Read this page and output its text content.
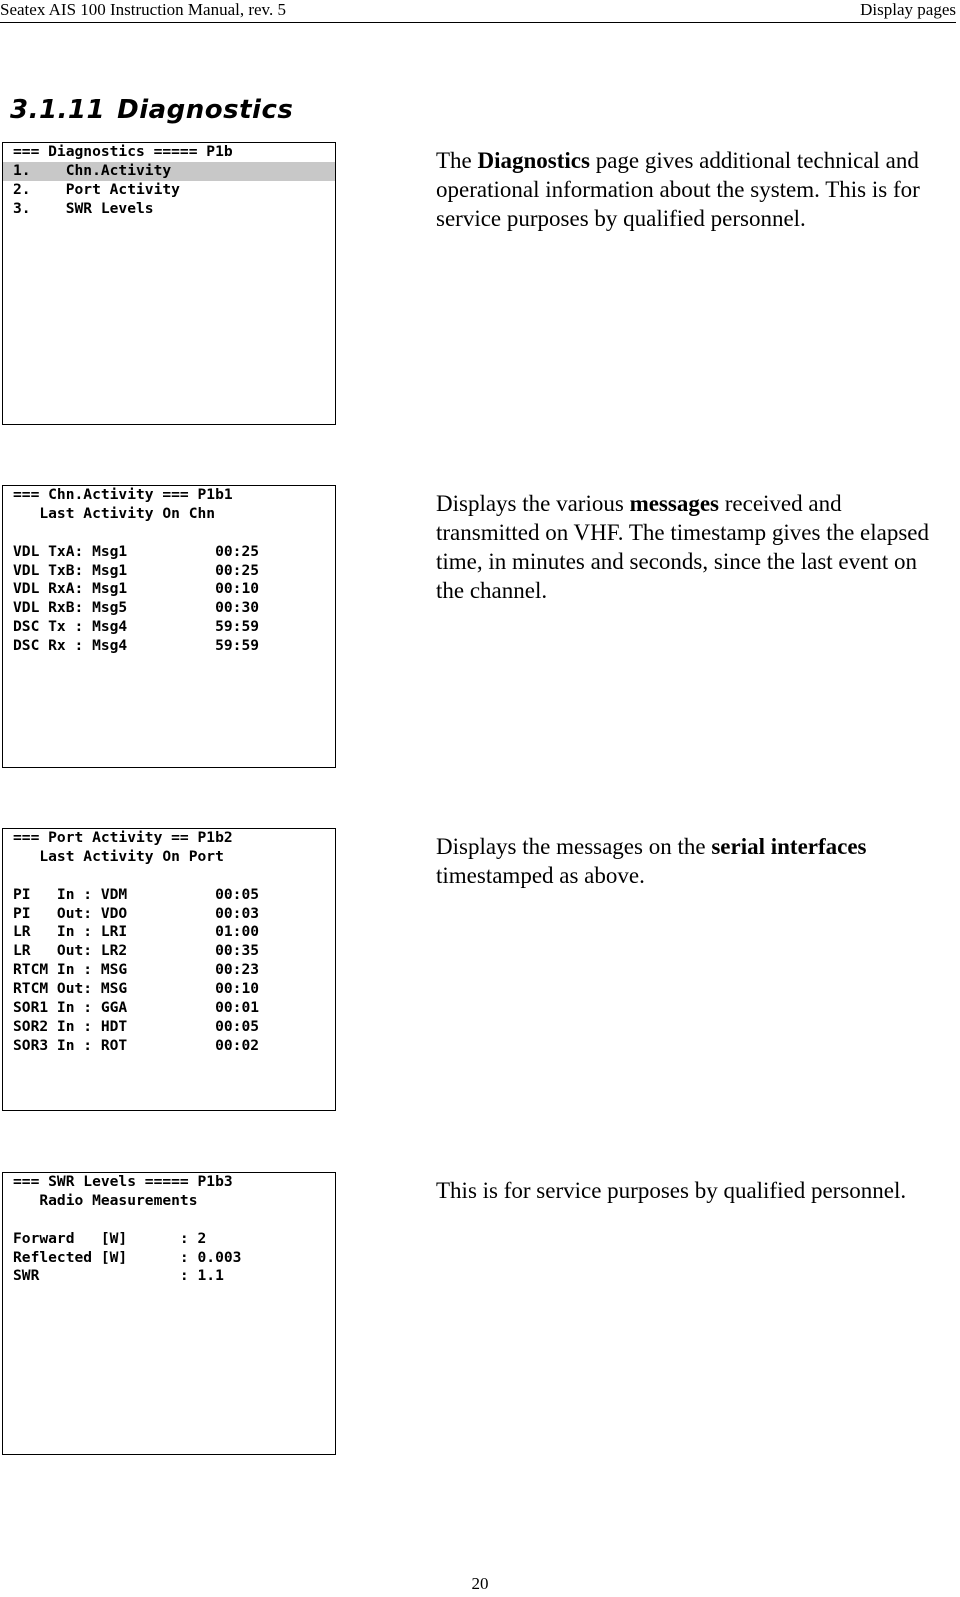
Seatex AIS 100 Instruction Manual, rev. 5	Display pages
3.1.11 Diagnostics
=== Diagnostics ===== P1b
1.    Chn.Activity
2.    Port Activity
3.    SWR Levels
The Diagnostics page gives additional technical and operational information about the system. This is for service purposes by qualified personnel.
=== Chn.Activity === P1b1
Last Activity On Chn
VDL TxA: Msg1          00:25
VDL TxB: Msg1          00:25
VDL RxA: Msg1          00:10
VDL RxB: Msg5          00:30
DSC Tx : Msg4          59:59
DSC Rx : Msg4          59:59
Displays the various messages received and transmitted on VHF. The timestamp gives the elapsed time, in minutes and seconds, since the last event on the channel.
=== Port Activity == P1b2
Last Activity On Port
PI   In : VDM          00:05
PI   Out: VDO          00:03
LR   In : LRI          01:00
LR   Out: LR2          00:35
RTCM In : MSG          00:23
RTCM Out: MSG          00:10
SOR1 In : GGA          00:01
SOR2 In : HDT          00:05
SOR3 In : ROT          00:02
Displays the messages on the serial interfaces timestamped as above.
=== SWR Levels ===== P1b3
Radio Measurements
Forward   [W]      : 2
Reflected [W]      : 0.003
SWR                : 1.1
This is for service purposes by qualified personnel.
20
